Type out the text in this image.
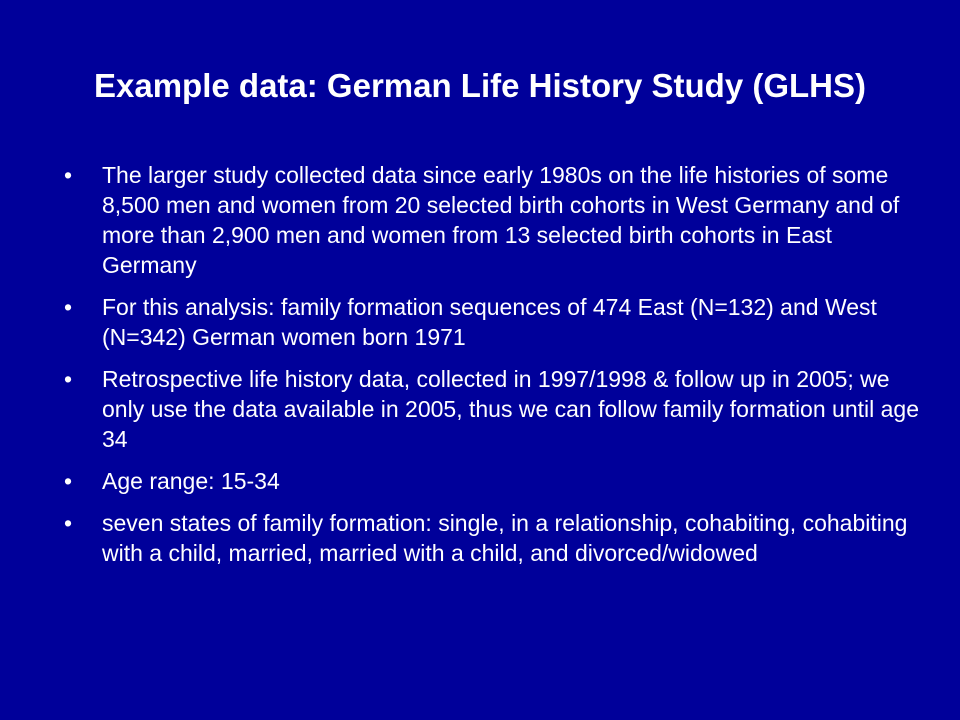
Example data: German Life History Study (GLHS)
•	The larger study collected data since early 1980s on the life histories of some 8,500 men and women from 20 selected birth cohorts in West Germany and of more than 2,900 men and women from 13 selected birth cohorts in East Germany
•	For this analysis: family formation sequences of 474 East (N=132) and West (N=342) German women born 1971
•	Retrospective life history data, collected in 1997/1998 & follow up in 2005; we only use the data available in 2005, thus we can follow family formation until age 34
•	Age range: 15-34
•	seven states of family formation: single, in a relationship, cohabiting, cohabiting with a child, married, married with a child, and divorced/widowed
